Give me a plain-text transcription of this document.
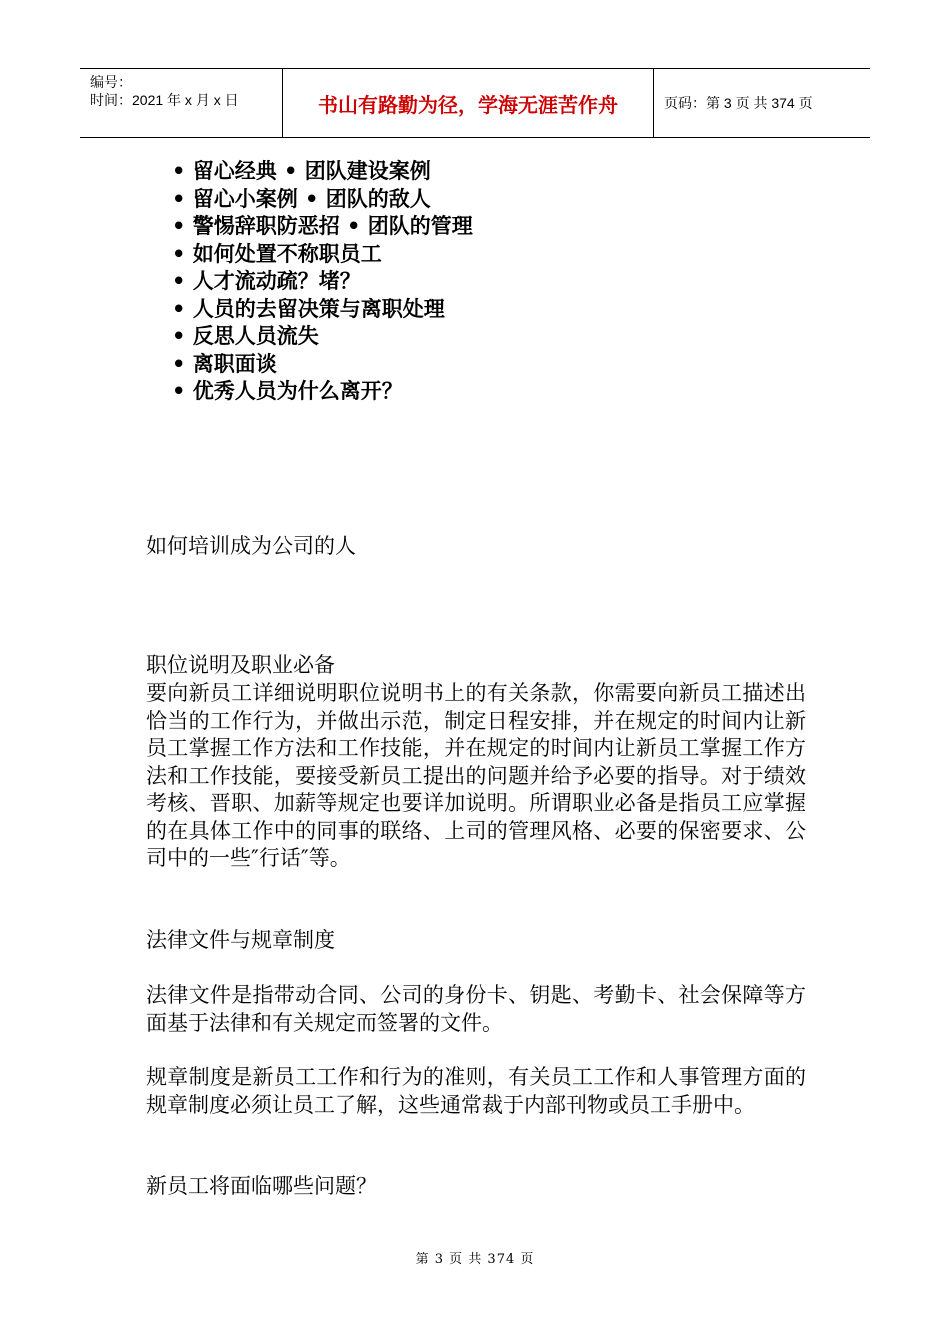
编号：
时间：2021 年 x 月 x 日	书山有路勤为径，学海无涯苦作舟	页码：第 3 页 共 374 页
• 留心经典 • 团队建设案例
• 留心小案例 • 团队的敌人
• 警惕辞职防恶招 • 团队的管理
• 如何处置不称职员工
• 人才流动疏？堵？
• 人员的去留决策与离职处理
• 反思人员流失
• 离职面谈
• 优秀人员为什么离开？

如何培训成为公司的人

职位说明及职业必备

要向新员工详细说明职位说明书上的有关条款，你需要向新员工描述出恰当的工作行为，并做出示范，制定日程安排，并在规定的时间内让新员工掌握工作方法和工作技能，并在规定的时间内让新员工掌握工作方法和工作技能，要接受新员工提出的问题并给予必要的指导。对于绩效考核、晋职、加薪等规定也要详加说明。所谓职业必备是指员工应掌握的在具体工作中的同事的联络、上司的管理风格、必要的保密要求、公司中的一些″行话″等。

法律文件与规章制度

法律文件是指带动合同、公司的身份卡、钥匙、考勤卡、社会保障等方面基于法律和有关规定而签署的文件。

规章制度是新员工工作和行为的准则，有关员工工作和人事管理方面的规章制度必须让员工了解，这些通常裁于内部刊物或员工手册中。

新员工将面临哪些问题？

第 3 页 共 374 页
